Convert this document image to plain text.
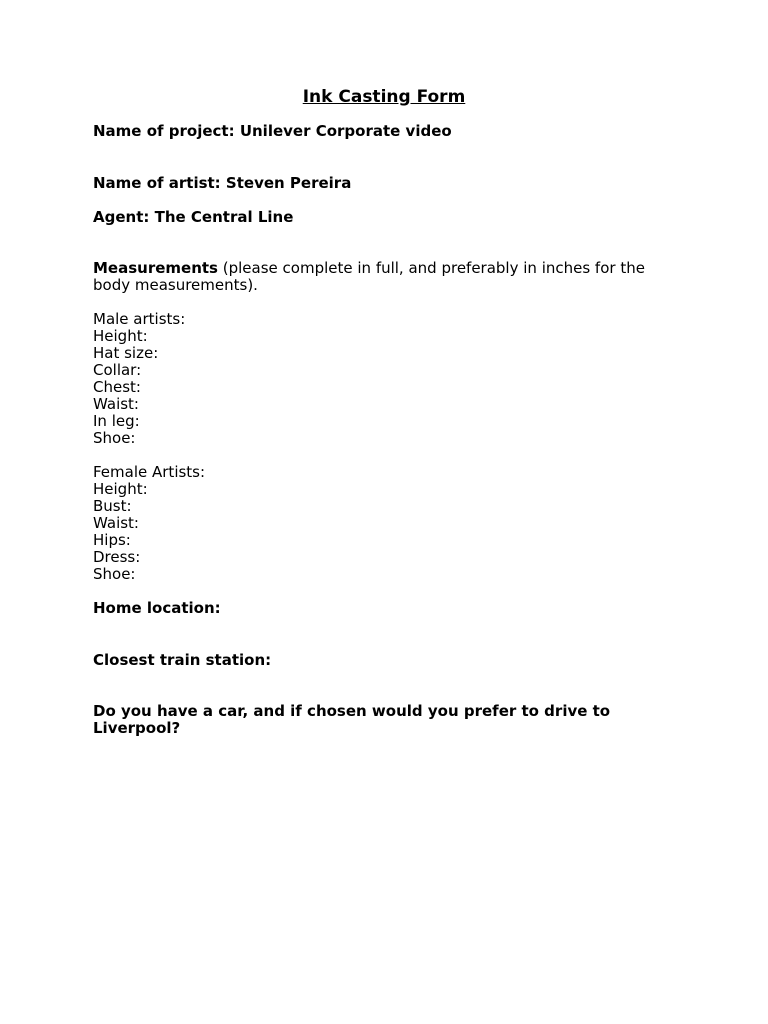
Ink Casting Form
Name of project: Unilever Corporate video
Name of artist: Steven Pereira
Agent: The Central Line
Measurements (please complete in full, and preferably in inches for the body measurements).
Male artists:
Height:
Hat size:
Collar:
Chest:
Waist:
In leg:
Shoe:
Female Artists:
Height:
Bust:
Waist:
Hips:
Dress:
Shoe:
Home location:
Closest train station:
Do you have a car, and if chosen would you prefer to drive to Liverpool?
